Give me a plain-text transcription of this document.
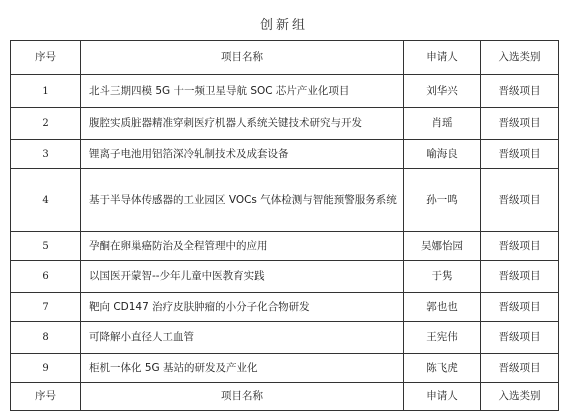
创新组
序号	项目名称	申请人	入选类别
1	北斗三期四模 5G 十一频卫星导航 SOC 芯片产业化项目	刘华兴	晋级项目
2	腹腔实质脏器精准穿刺医疗机器人系统关键技术研究与开发	肖瑶	晋级项目
3	锂离子电池用铝箔深冷轧制技术及成套设备	喻海良	晋级项目
4	基于半导体传感器的工业园区 VOCs 气体检测与智能预警服务系统	孙一鸣	晋级项目
5	孕酮在卵巢癌防治及全程管理中的应用	吴娜怡园	晋级项目
6	以国医开蒙智--少年儿童中医教育实践	于隽	晋级项目
7	靶向 CD147 治疗皮肤肿瘤的小分子化合物研发	郭也也	晋级项目
8	可降解小直径人工血管	王宪伟	晋级项目
9	柜机一体化 5G 基站的研发及产业化	陈飞虎	晋级项目
序号	项目名称	申请人	入选类别
